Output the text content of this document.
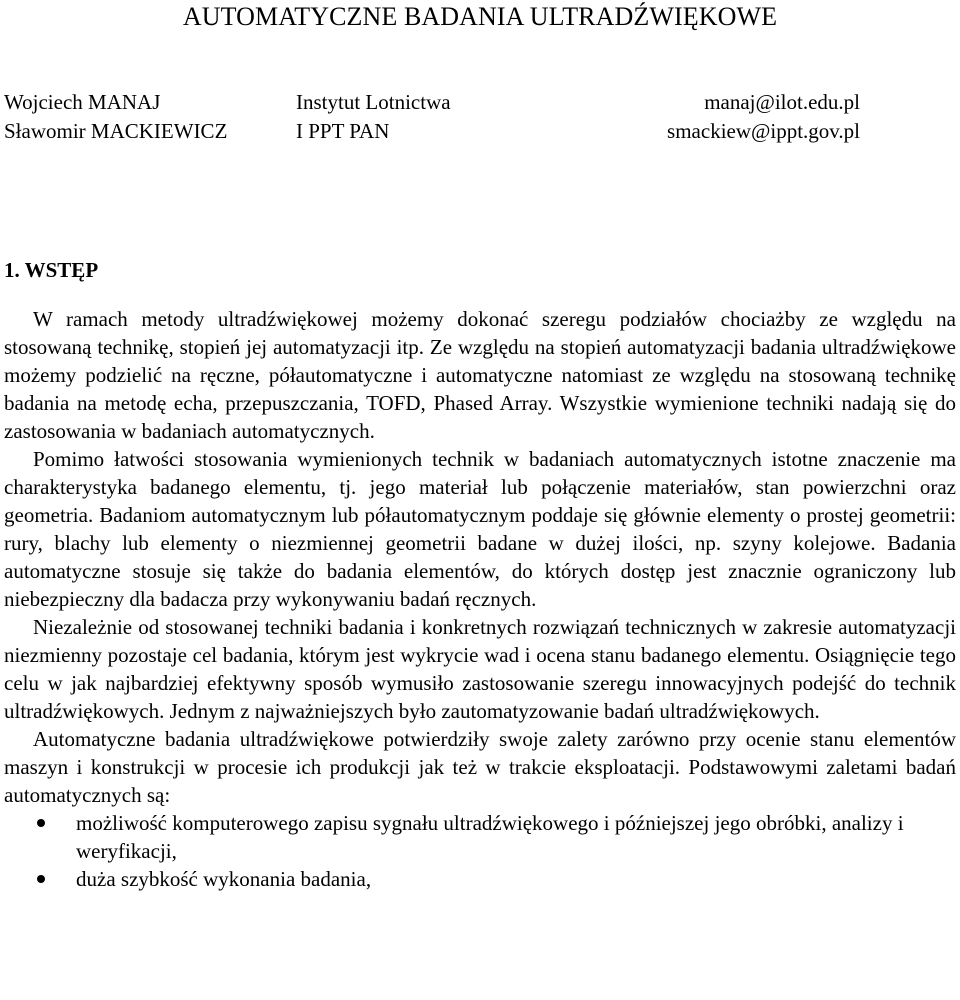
AUTOMATYCZNE BADANIA ULTRADŹWIĘKOWE
Wojciech MANAJ	Instytut Lotnictwa	manaj@ilot.edu.pl
Sławomir MACKIEWICZ	I PPT PAN	smackiew@ippt.gov.pl
1. WSTĘP

W ramach metody ultradźwiękowej możemy dokonać szeregu podziałów chociażby ze względu na stosowaną technikę, stopień jej automatyzacji itp. Ze względu na stopień automatyzacji badania ultradźwiękowe możemy podzielić na ręczne, półautomatyczne i automatyczne natomiast ze względu na stosowaną technikę badania na metodę echa, przepuszczania, TOFD, Phased Array. Wszystkie wymienione techniki nadają się do zastosowania w badaniach automatycznych.

Pomimo łatwości stosowania wymienionych technik w badaniach automatycznych istotne znaczenie ma charakterystyka badanego elementu, tj. jego materiał lub połączenie materiałów, stan powierzchni oraz geometria. Badaniom automatycznym lub półautomatycznym poddaje się głównie elementy o prostej geometrii: rury, blachy lub elementy o niezmiennej geometrii badane w dużej ilości, np. szyny kolejowe. Badania automatyczne stosuje się także do badania elementów, do których dostęp jest znacznie ograniczony lub niebezpieczny dla badacza przy wykonywaniu badań ręcznych.

Niezależnie od stosowanej techniki badania i konkretnych rozwiązań technicznych w zakresie automatyzacji niezmienny pozostaje cel badania, którym jest wykrycie wad i ocena stanu badanego elementu. Osiągnięcie tego celu w jak najbardziej efektywny sposób wymusiło zastosowanie szeregu innowacyjnych podejść do technik ultradźwiękowych. Jednym z najważniejszych było zautomatyzowanie badań ultradźwiękowych.

Automatyczne badania ultradźwiękowe potwierdziły swoje zalety zarówno przy ocenie stanu elementów maszyn i konstrukcji w procesie ich produkcji jak też w trakcie eksploatacji. Podstawowymi zaletami badań automatycznych są:

możliwość komputerowego zapisu sygnału ultradźwiękowego i późniejszej jego obróbki, analizy i weryfikacji,
duża szybkość wykonania badania,
